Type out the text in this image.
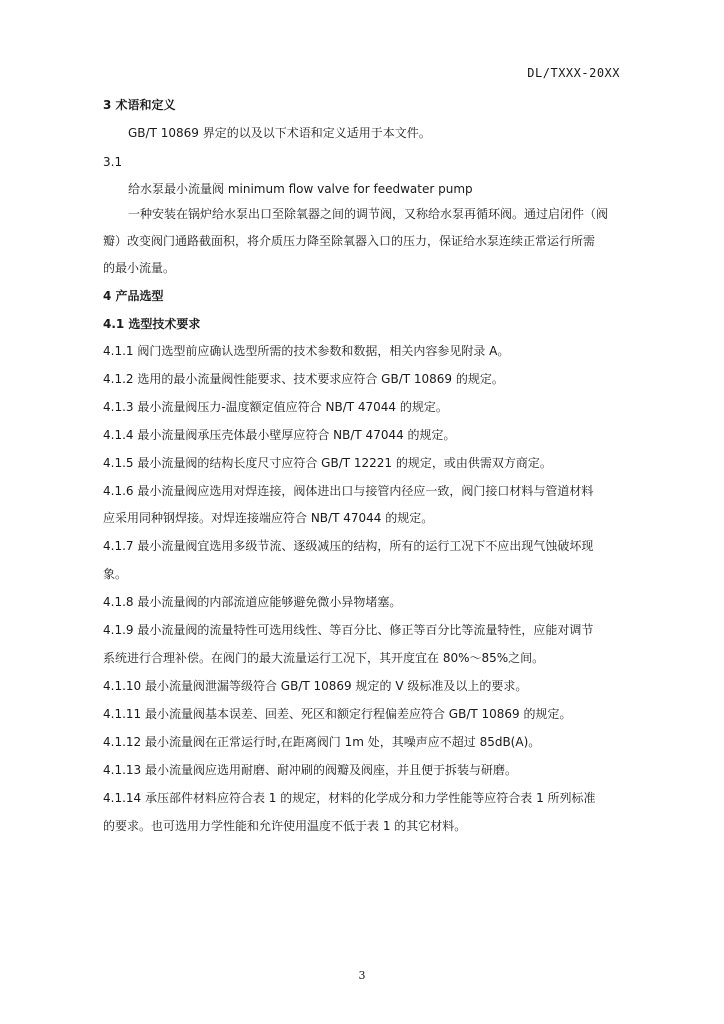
DL/TXXX-20XX
3 术语和定义
GB/T 10869 界定的以及以下术语和定义适用于本文件。
3.1
给水泵最小流量阀 minimum flow valve for feedwater pump
一种安装在锅炉给水泵出口至除氧器之间的调节阀，又称给水泵再循环阀。通过启闭件（阀
瓣）改变阀门通路截面积，将介质压力降至除氧器入口的压力，保证给水泵连续正常运行所需
的最小流量。
4 产品选型
4.1 选型技术要求
4.1.1 阀门选型前应确认选型所需的技术参数和数据，相关内容参见附录 A。
4.1.2 选用的最小流量阀性能要求、技术要求应符合 GB/T 10869 的规定。
4.1.3 最小流量阀压力-温度额定值应符合 NB/T 47044 的规定。
4.1.4 最小流量阀承压壳体最小壁厚应符合 NB/T 47044 的规定。
4.1.5 最小流量阀的结构长度尺寸应符合 GB/T 12221 的规定，或由供需双方商定。
4.1.6 最小流量阀应选用对焊连接，阀体进出口与接管内径应一致，阀门接口材料与管道材料
应采用同种钢焊接。对焊连接端应符合 NB/T 47044 的规定。
4.1.7 最小流量阀宜选用多级节流、逐级减压的结构，所有的运行工况下不应出现气蚀破坏现
象。
4.1.8 最小流量阀的内部流道应能够避免微小异物堵塞。
4.1.9 最小流量阀的流量特性可选用线性、等百分比、修正等百分比等流量特性，应能对调节
系统进行合理补偿。在阀门的最大流量运行工况下，其开度宜在 80%～85%之间。
4.1.10 最小流量阀泄漏等级符合 GB/T 10869 规定的 V 级标准及以上的要求。
4.1.11 最小流量阀基本误差、回差、死区和额定行程偏差应符合 GB/T 10869 的规定。
4.1.12 最小流量阀在正常运行时,在距离阀门 1m 处，其噪声应不超过 85dB(A)。
4.1.13 最小流量阀应选用耐磨、耐冲刷的阀瓣及阀座，并且便于拆装与研磨。
4.1.14 承压部件材料应符合表 1 的规定，材料的化学成分和力学性能等应符合表 1 所列标准
的要求。也可选用力学性能和允许使用温度不低于表 1 的其它材料。
3
